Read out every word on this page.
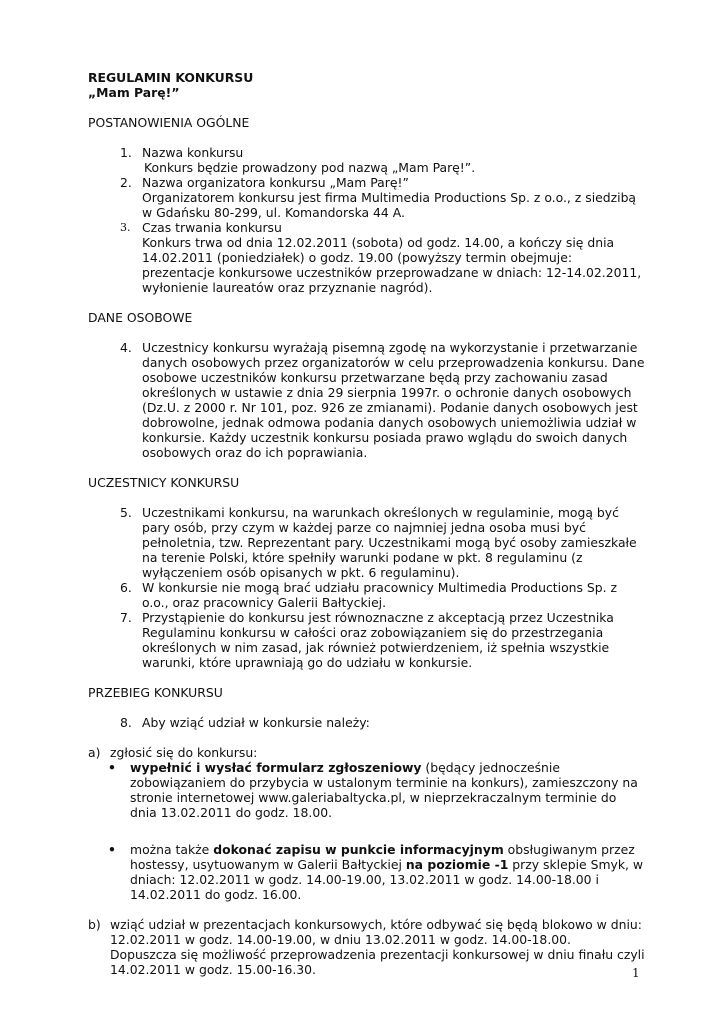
REGULAMIN KONKURSU
„Mam Parę!”
POSTANOWIENIA OGÓLNE
1. Nazwa konkursu
Konkurs będzie prowadzony pod nazwą „Mam Parę!”.
2. Nazwa organizatora konkursu „Mam Parę!”
Organizatorem konkursu jest firma Multimedia Productions Sp. z o.o., z siedzibą
w Gdańsku 80-299, ul. Komandorska 44 A.
3. Czas trwania konkursu
Konkurs trwa od dnia 12.02.2011 (sobota) od godz. 14.00, a kończy się dnia
14.02.2011 (poniedziałek) o godz. 19.00 (powyższy termin obejmuje:
prezentacje konkursowe uczestników przeprowadzane w dniach: 12-14.02.2011,
wyłonienie laureatów oraz przyznanie nagród).
DANE OSOBOWE
4. Uczestnicy konkursu wyrażają pisemną zgodę na wykorzystanie i przetwarzanie
danych osobowych przez organizatorów w celu przeprowadzenia konkursu. Dane
osobowe uczestników konkursu przetwarzane będą przy zachowaniu zasad
określonych w ustawie z dnia 29 sierpnia 1997r. o ochronie danych osobowych
(Dz.U. z 2000 r. Nr 101, poz. 926 ze zmianami). Podanie danych osobowych jest
dobrowolne, jednak odmowa podania danych osobowych uniemożliwia udział w
konkursie. Każdy uczestnik konkursu posiada prawo wglądu do swoich danych
osobowych oraz do ich poprawiania.
UCZESTNICY KONKURSU
5. Uczestnikami konkursu, na warunkach określonych w regulaminie, mogą być
pary osób, przy czym w każdej parze co najmniej jedna osoba musi być
pełnoletnia, tzw. Reprezentant pary. Uczestnikami mogą być osoby zamieszkałe
na terenie Polski, które spełniły warunki podane w pkt. 8 regulaminu (z
wyłączeniem osób opisanych w pkt. 6 regulaminu).
6. W konkursie nie mogą brać udziału pracownicy Multimedia Productions Sp. z
o.o., oraz pracownicy Galerii Bałtyckiej.
7. Przystąpienie do konkursu jest równoznaczne z akceptacją przez Uczestnika
Regulaminu konkursu w całości oraz zobowiązaniem się do przestrzegania
określonych w nim zasad, jak również potwierdzeniem, iż spełnia wszystkie
warunki, które uprawniają go do udziału w konkursie.
PRZEBIEG KONKURSU
8. Aby wziąć udział w konkursie należy:
a) zgłosić się do konkursu:
• wypełnić i wysłać formularz zgłoszeniowy (będący jednocześnie
zobowiązaniem do przybycia w ustalonym terminie na konkurs), zamieszczony na
stronie internetowej www.galeriabaltycka.pl, w nieprzekraczalnym terminie do
dnia 13.02.2011 do godz. 18.00.
• można także dokonać zapisu w punkcie informacyjnym obsługiwanym przez
hostessy, usytuowanym w Galerii Bałtyckiej na poziomie -1 przy sklepie Smyk, w
dniach: 12.02.2011 w godz. 14.00-19.00, 13.02.2011 w godz. 14.00-18.00 i
14.02.2011 do godz. 16.00.
b) wziąć udział w prezentacjach konkursowych, które odbywać się będą blokowo w dniu:
12.02.2011 w godz. 14.00-19.00, w dniu 13.02.2011 w godz. 14.00-18.00.
Dopuszcza się możliwość przeprowadzenia prezentacji konkursowej w dniu finału czyli
14.02.2011 w godz. 15.00-16.30.	1
